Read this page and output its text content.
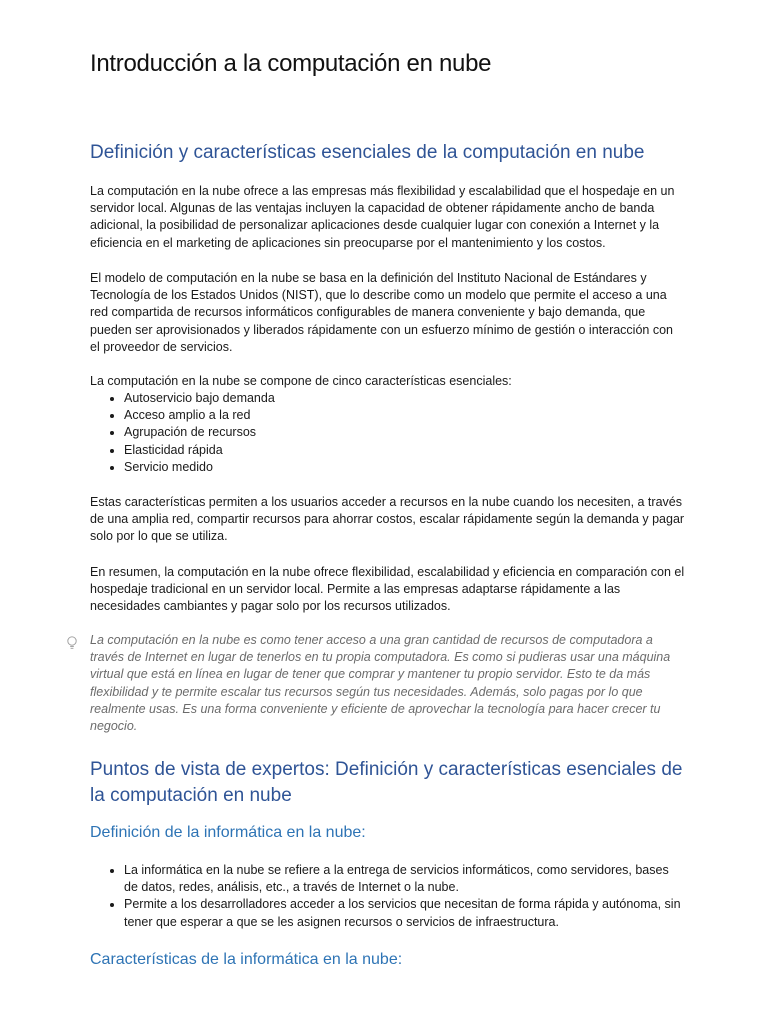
Introducción a la computación en nube
Definición y características esenciales de la computación en nube

La computación en la nube ofrece a las empresas más flexibilidad y escalabilidad que el hospedaje en un servidor local. Algunas de las ventajas incluyen la capacidad de obtener rápidamente ancho de banda adicional, la posibilidad de personalizar aplicaciones desde cualquier lugar con conexión a Internet y la eficiencia en el marketing de aplicaciones sin preocuparse por el mantenimiento y los costos.

El modelo de computación en la nube se basa en la definición del Instituto Nacional de Estándares y Tecnología de los Estados Unidos (NIST), que lo describe como un modelo que permite el acceso a una red compartida de recursos informáticos configurables de manera conveniente y bajo demanda, que pueden ser aprovisionados y liberados rápidamente con un esfuerzo mínimo de gestión o interacción con el proveedor de servicios.

La computación en la nube se compone de cinco características esenciales:

• Autoservicio bajo demanda
• Acceso amplio a la red
• Agrupación de recursos
• Elasticidad rápida
• Servicio medido

Estas características permiten a los usuarios acceder a recursos en la nube cuando los necesiten, a través de una amplia red, compartir recursos para ahorrar costos, escalar rápidamente según la demanda y pagar solo por lo que se utiliza.

En resumen, la computación en la nube ofrece flexibilidad, escalabilidad y eficiencia en comparación con el hospedaje tradicional en un servidor local. Permite a las empresas adaptarse rápidamente a las necesidades cambiantes y pagar solo por los recursos utilizados.

La computación en la nube es como tener acceso a una gran cantidad de recursos de computadora a través de Internet en lugar de tenerlos en tu propia computadora. Es como si pudieras usar una máquina virtual que está en línea en lugar de tener que comprar y mantener tu propio servidor. Esto te da más flexibilidad y te permite escalar tus recursos según tus necesidades. Además, solo pagas por lo que realmente usas. Es una forma conveniente y eficiente de aprovechar la tecnología para hacer crecer tu negocio.

Puntos de vista de expertos: Definición y características esenciales de la computación en nube
Definición de la informática en la nube:
• La informática en la nube se refiere a la entrega de servicios informáticos, como servidores, bases de datos, redes, análisis, etc., a través de Internet o la nube.
• Permite a los desarrolladores acceder a los servicios que necesitan de forma rápida y autónoma, sin tener que esperar a que se les asignen recursos o servicios de infraestructura.
Características de la informática en la nube:
